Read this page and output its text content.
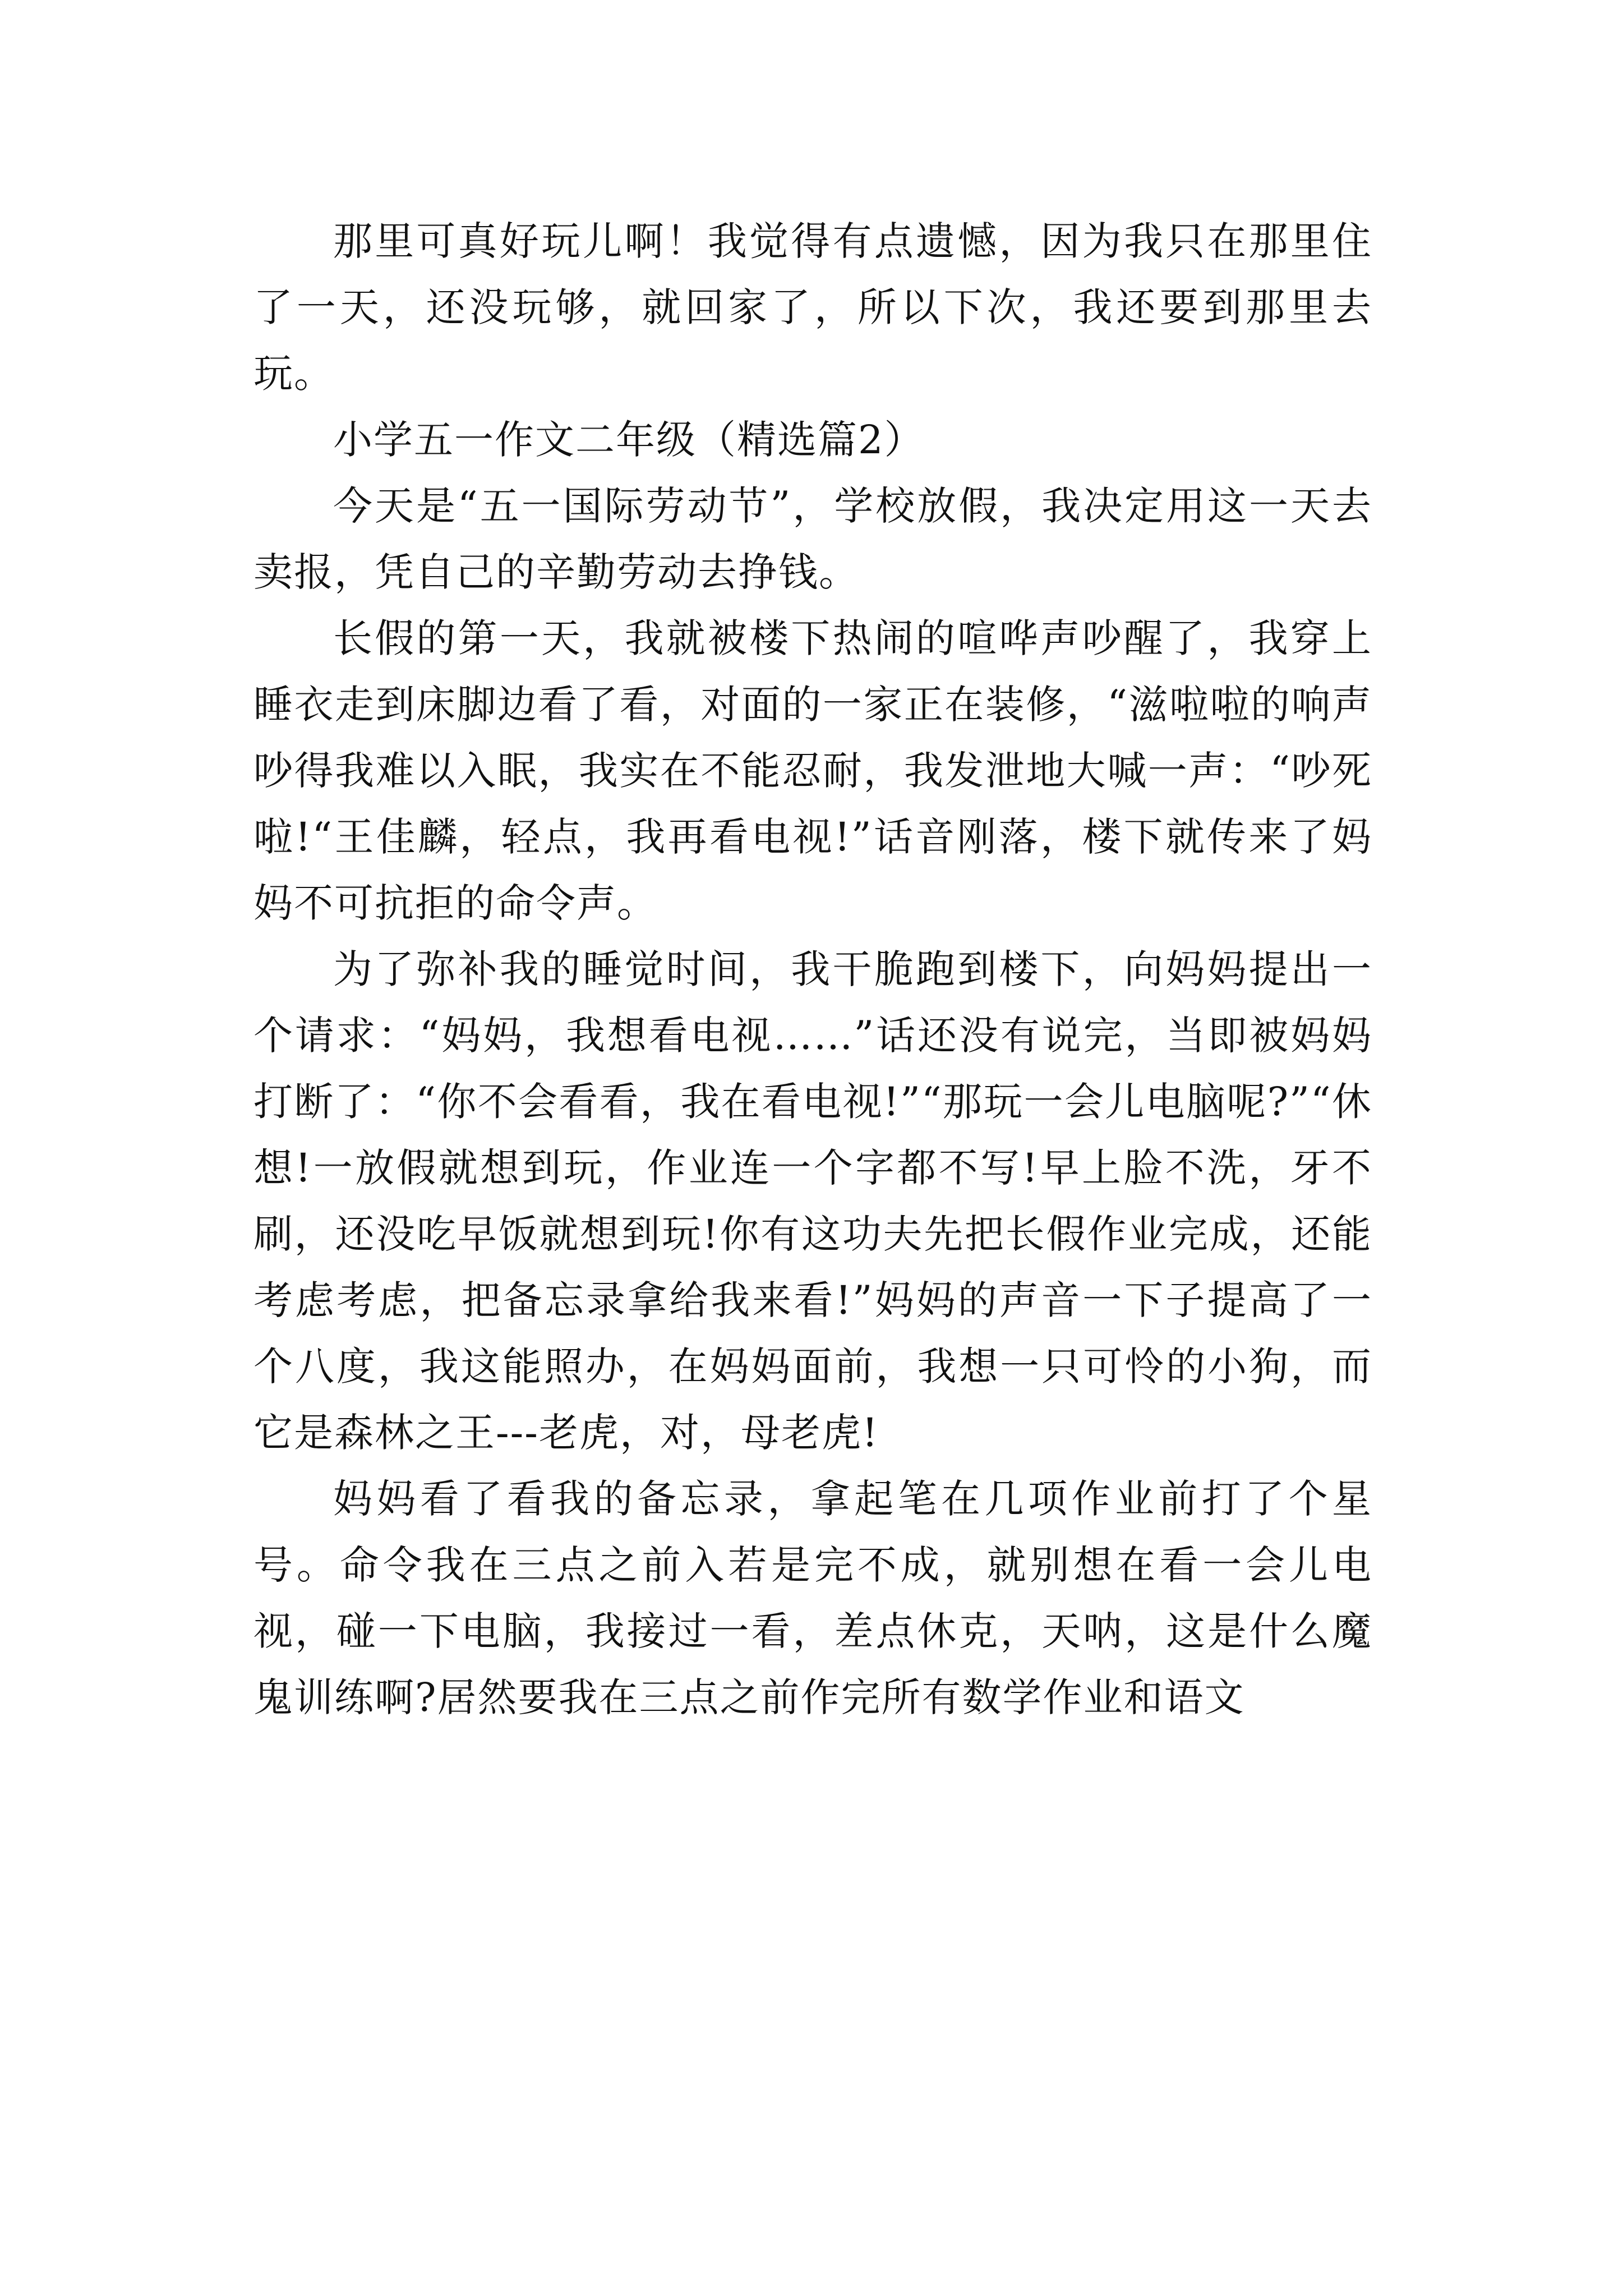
那里可真好玩儿啊！我觉得有点遗憾，因为我只在那里住了一天，还没玩够，就回家了，所以下次，我还要到那里去玩。

小学五一作文二年级（精选篇2）

今天是“五一国际劳动节”，学校放假，我决定用这一天去卖报，凭自己的辛勤劳动去挣钱。

长假的第一天，我就被楼下热闹的喧哗声吵醒了，我穿上睡衣走到床脚边看了看，对面的一家正在装修，“滋啦啦的响声吵得我难以入眠，我实在不能忍耐，我发泄地大喊一声：“吵死啦!“王佳麟，轻点，我再看电视!”话音刚落，楼下就传来了妈妈不可抗拒的命令声。

为了弥补我的睡觉时间，我干脆跑到楼下，向妈妈提出一个请求：“妈妈，我想看电视……”话还没有说完，当即被妈妈打断了：“你不会看看，我在看电视!”“那玩一会儿电脑呢?”“休想!一放假就想到玩，作业连一个字都不写!早上脸不洗，牙不刷，还没吃早饭就想到玩!你有这功夫先把长假作业完成，还能考虑考虑，把备忘录拿给我来看!”妈妈的声音一下子提高了一个八度，我这能照办，在妈妈面前，我想一只可怜的小狗，而它是森林之王---老虎，对，母老虎!

妈妈看了看我的备忘录，拿起笔在几项作业前打了个星号。命令我在三点之前入若是完不成，就别想在看一会儿电视，碰一下电脑，我接过一看，差点休克，天呐，这是什么魔鬼训练啊?居然要我在三点之前作完所有数学作业和语文
